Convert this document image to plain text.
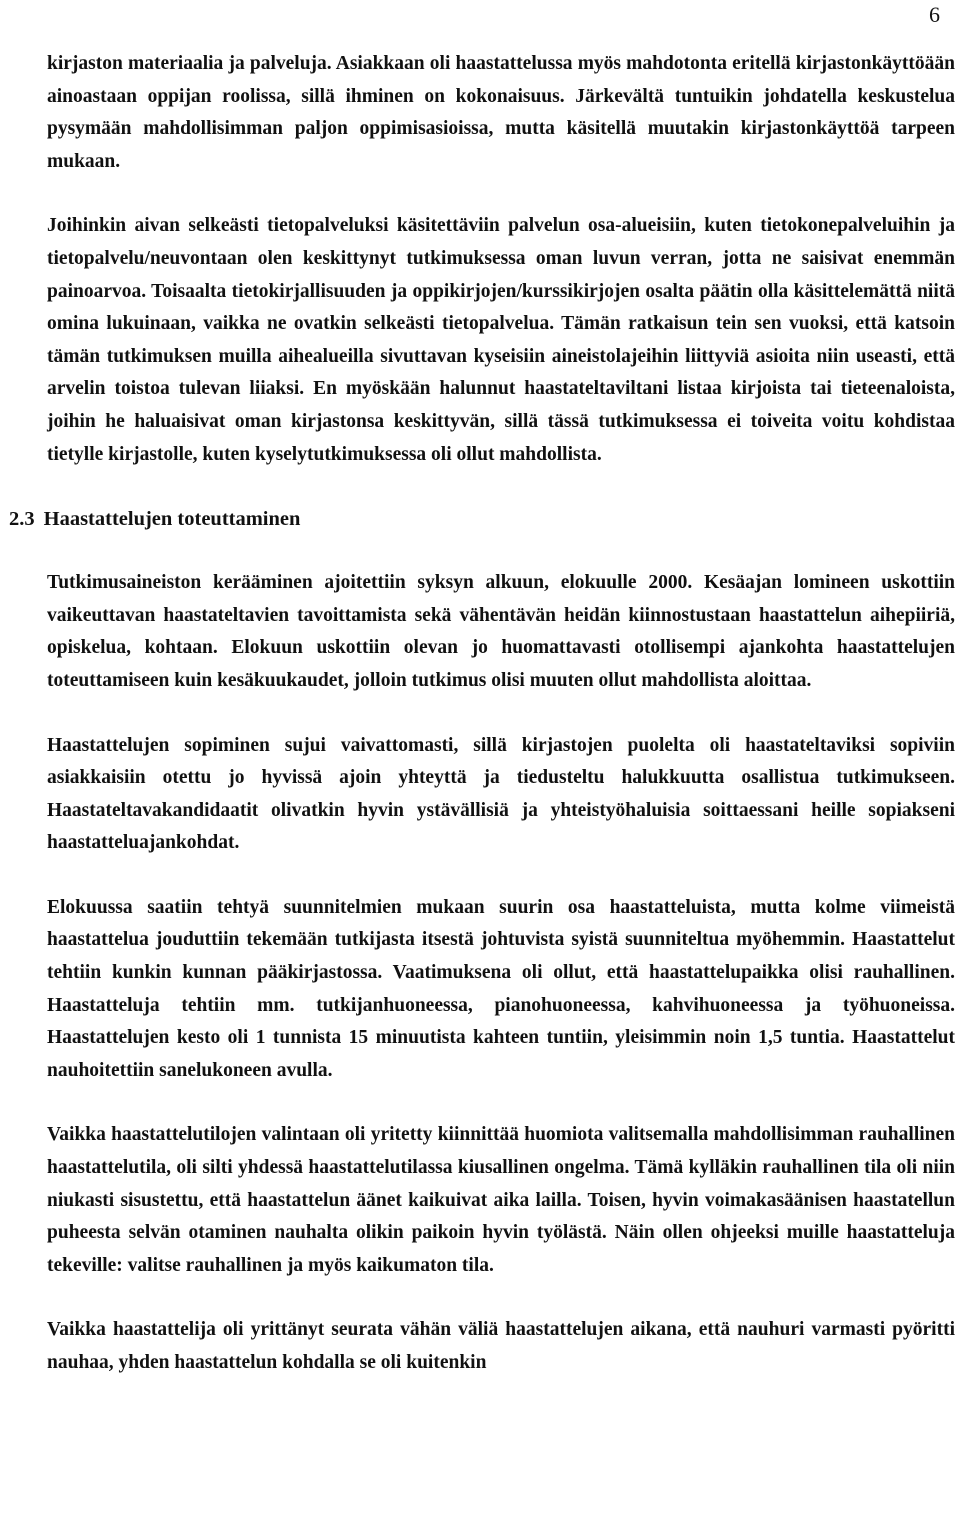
6

kirjaston materiaalia ja palveluja. Asiakkaan oli haastattelussa myös mahdotonta eritellä kirjastonkäyttöään ainoastaan oppijan roolissa, sillä ihminen on kokonaisuus. Järkevältä tuntuikin johdatella keskustelua pysymään mahdollisimman paljon oppimisasioissa, mutta käsitellä muutakin kirjastonkäyttöä tarpeen mukaan.

Joihinkin aivan selkeästi tietopalveluksi käsitettäviin palvelun osa-alueisiin, kuten tietokonepalveluihin ja tietopalvelu/neuvontaan olen keskittynyt tutkimuksessa oman luvun verran, jotta ne saisivat enemmän painoarvoa. Toisaalta tietokirjallisuuden ja oppikirjojen/kurssikirjojen osalta päätin olla käsittelemättä niitä omina lukuinaan, vaikka ne ovatkin selkeästi tietopalvelua. Tämän ratkaisun tein sen vuoksi, että katsoin tämän tutkimuksen muilla aihealueilla sivuttavan kyseisiin aineistolajeihin liittyviä asioita niin useasti, että arvelin toistoa tulevan liiaksi. En myöskään halunnut haastateltaviltani listaa kirjoista tai tieteenaloista, joihin he haluaisivat oman kirjastonsa keskittyvän, sillä tässä tutkimuksessa ei toiveita voitu kohdistaa tietylle kirjastolle, kuten kyselytutkimuksessa oli ollut mahdollista.

2.3 Haastattelujen toteuttaminen

Tutkimusaineiston kerääminen ajoitettiin syksyn alkuun, elokuulle 2000. Kesäajan lomineen uskottiin vaikeuttavan haastateltavien tavoittamista sekä vähentävän heidän kiinnostustaan haastattelun aihepiiriä, opiskelua, kohtaan. Elokuun uskottiin olevan jo huomattavasti otollisempi ajankohta haastattelujen toteuttamiseen kuin kesäkuukaudet, jolloin tutkimus olisi muuten ollut mahdollista aloittaa.

Haastattelujen sopiminen sujui vaivattomasti, sillä kirjastojen puolelta oli haastateltaviksi sopiviin asiakkaisiin otettu jo hyvissä ajoin yhteyttä ja tiedusteltu halukkuutta osallistua tutkimukseen. Haastateltavakandidaatit olivatkin hyvin ystävällisiä ja yhteistyöhaluisia soittaessani heille sopiakseni haastatteluajankohdat.

Elokuussa saatiin tehtyä suunnitelmien mukaan suurin osa haastatteluista, mutta kolme viimeistä haastattelua jouduttiin tekemään tutkijasta itsestä johtuvista syistä suunniteltua myöhemmin. Haastattelut tehtiin kunkin kunnan pääkirjastossa. Vaatimuksena oli ollut, että haastattelupaikka olisi rauhallinen. Haastatteluja tehtiin mm. tutkijanhuoneessa, pianohuoneessa, kahvihuoneessa ja työhuoneissa. Haastattelujen kesto oli 1 tunnista 15 minuutista kahteen tuntiin, yleisimmin noin 1,5 tuntia. Haastattelut nauhoitettiin sanelukoneen avulla.

Vaikka haastattelutilojen valintaan oli yritetty kiinnittää huomiota valitsemalla mahdollisimman rauhallinen haastattelutila, oli silti yhdessä haastattelutilassa kiusallinen ongelma. Tämä kylläkin rauhallinen tila oli niin niukasti sisustettu, että haastattelun äänet kaikuivat aika lailla. Toisen, hyvin voimakasäänisen haastatellun puheesta selvän otaminen nauhalta olikin paikoin hyvin työlästä. Näin ollen ohjeeksi muille haastatteluja tekeville: valitse rauhallinen ja myös kaikumaton tila.

Vaikka haastattelija oli yrittänyt seurata vähän väliä haastattelujen aikana, että nauhuri varmasti pyöritti nauhaa, yhden haastattelun kohdalla se oli kuitenkin
